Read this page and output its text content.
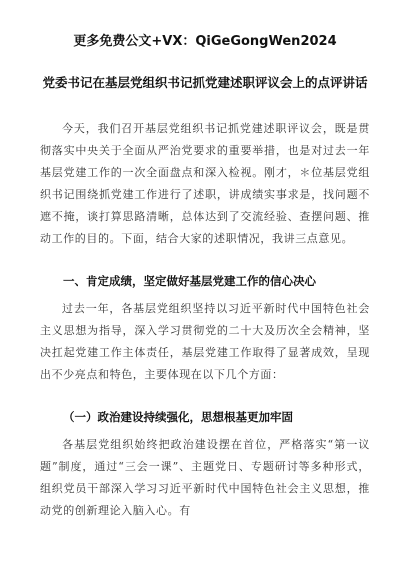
更多免费公文+VX：QiGeGongWen2024
党委书记在基层党组织书记抓党建述职评议会上的点评讲话
今天，我们召开基层党组织书记抓党建述职评议会，既是贯彻落实中央关于全面从严治党要求的重要举措，也是对过去一年基层党建工作的一次全面盘点和深入检视。刚才，＊位基层党组织书记围绕抓党建工作进行了述职，讲成绩实事求是，找问题不遮不掩，谈打算思路清晰，总体达到了交流经验、查摆问题、推动工作的目的。下面，结合大家的述职情况，我讲三点意见。
一、肯定成绩，坚定做好基层党建工作的信心决心
过去一年，各基层党组织坚持以习近平新时代中国特色社会主义思想为指导，深入学习贯彻党的二十大及历次全会精神，坚决扛起党建工作主体责任，基层党建工作取得了显著成效，呈现出不少亮点和特色，主要体现在以下几个方面：
（一）政治建设持续强化，思想根基更加牢固
各基层党组织始终把政治建设摆在首位，严格落实“第一议题”制度，通过“三会一课”、主题党日、专题研讨等多种形式，组织党员干部深入学习习近平新时代中国特色社会主义思想，推动党的创新理论入脑入心。有
